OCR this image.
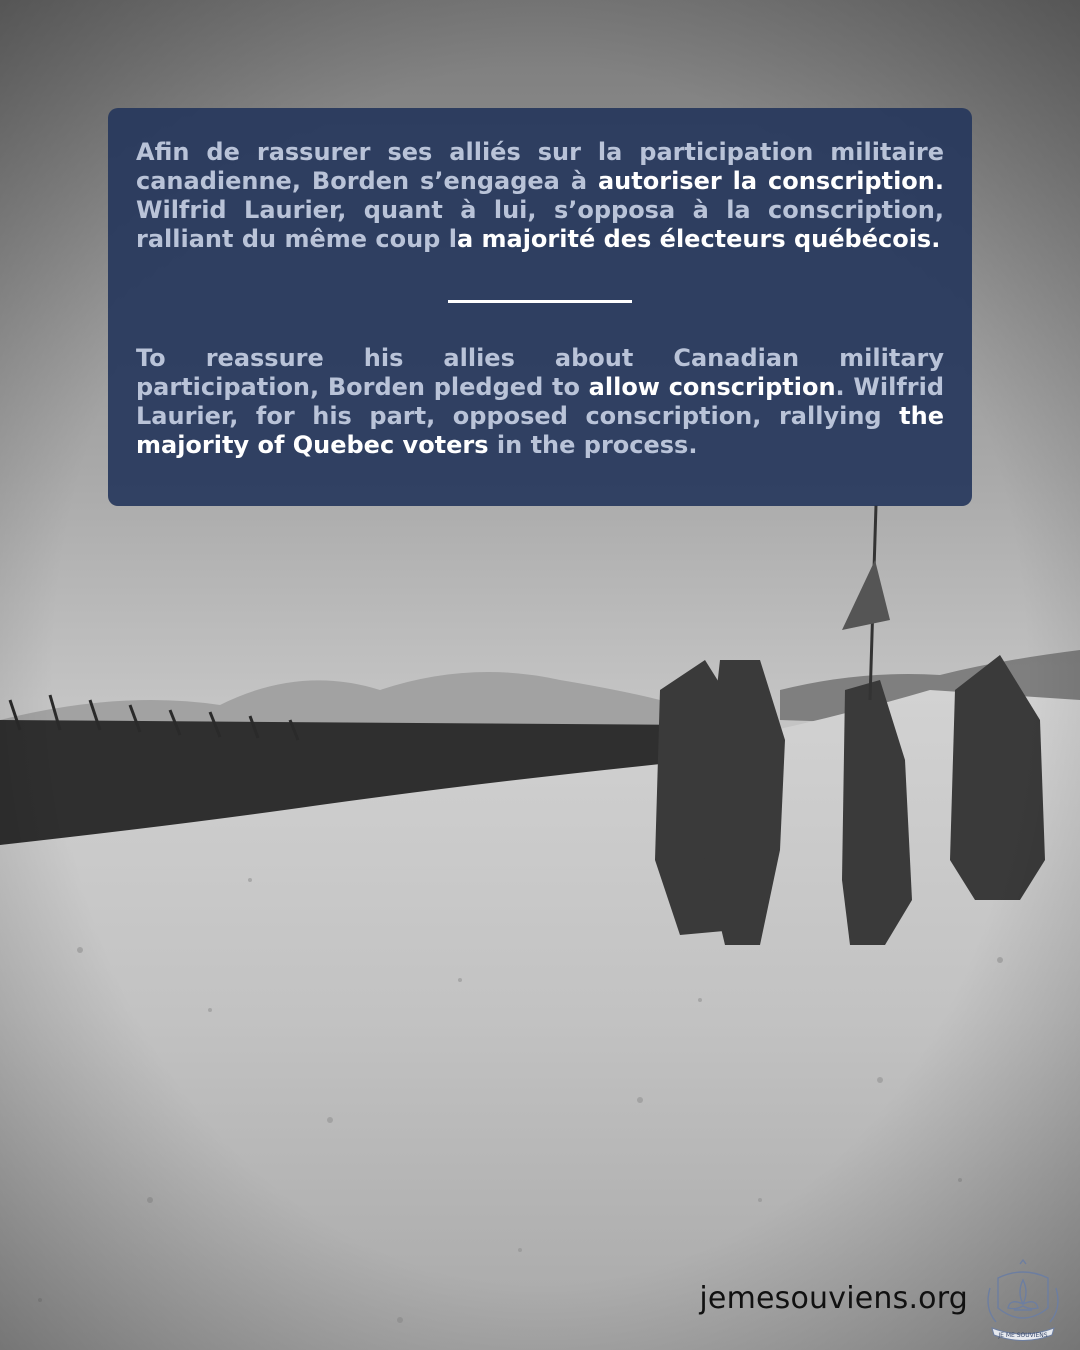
Afin de rassurer ses alliés sur la participation militaire canadienne, Borden s’engagea à autoriser la conscription. Wilfrid Laurier, quant à lui, s’opposa à la conscription, ralliant du même coup la majorité des électeurs québécois.

To reassure his allies about Canadian military participation, Borden pledged to allow conscription. Wilfrid Laurier, for his part, opposed conscription, rallying the majority of Quebec voters in the process.

jemesouviens.org
JE ME SOUVIENS
